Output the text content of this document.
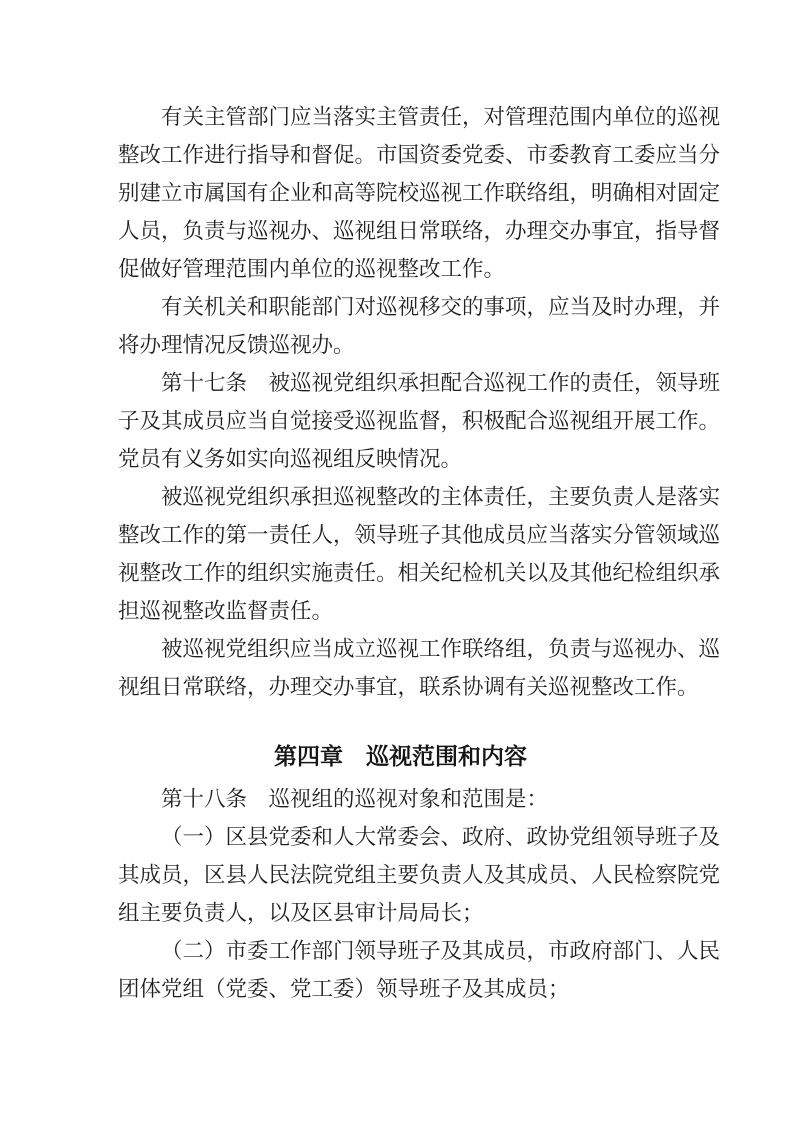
有关主管部门应当落实主管责任，对管理范围内单位的巡视
整改工作进行指导和督促。市国资委党委、市委教育工委应当分
别建立市属国有企业和高等院校巡视工作联络组，明确相对固定
人员，负责与巡视办、巡视组日常联络，办理交办事宜，指导督
促做好管理范围内单位的巡视整改工作。
有关机关和职能部门对巡视移交的事项，应当及时办理，并
将办理情况反馈巡视办。
第十七条　被巡视党组织承担配合巡视工作的责任，领导班
子及其成员应当自觉接受巡视监督，积极配合巡视组开展工作。
党员有义务如实向巡视组反映情况。
被巡视党组织承担巡视整改的主体责任，主要负责人是落实
整改工作的第一责任人，领导班子其他成员应当落实分管领域巡
视整改工作的组织实施责任。相关纪检机关以及其他纪检组织承
担巡视整改监督责任。
被巡视党组织应当成立巡视工作联络组，负责与巡视办、巡
视组日常联络，办理交办事宜，联系协调有关巡视整改工作。
第四章　巡视范围和内容
第十八条　巡视组的巡视对象和范围是：
（一）区县党委和人大常委会、政府、政协党组领导班子及
其成员，区县人民法院党组主要负责人及其成员、人民检察院党
组主要负责人，以及区县审计局局长；
（二）市委工作部门领导班子及其成员，市政府部门、人民
团体党组（党委、党工委）领导班子及其成员；
